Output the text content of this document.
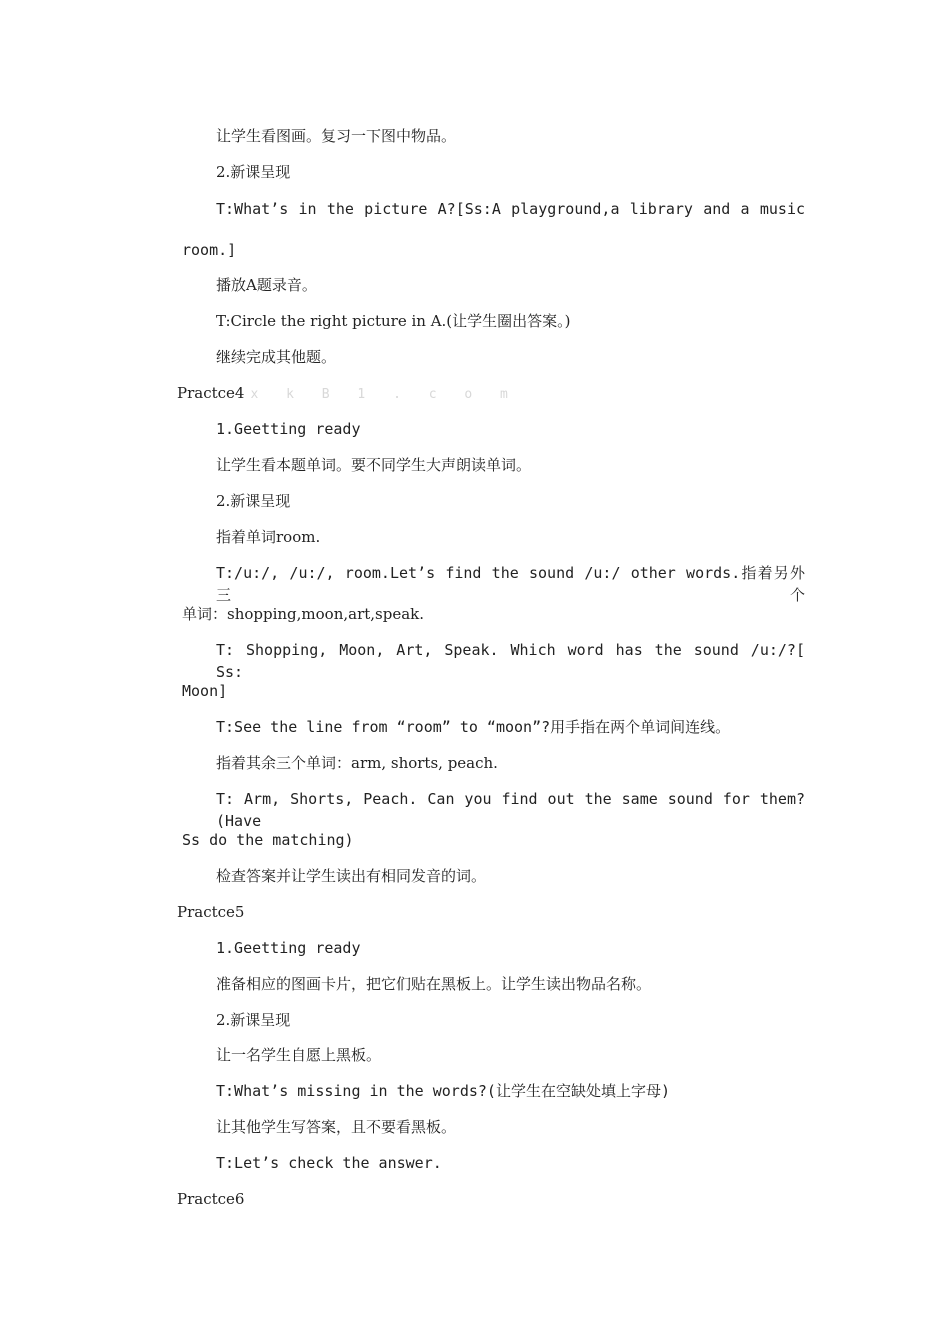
让学生看图画。复习一下图中物品。
2.新课呈现
T:What’s in the picture A?[Ss:A playground,a library and a music
room.]
播放A题录音。
T:Circle the right picture in A.(让学生圈出答案。)
继续完成其他题。
Practce4 x k B 1 . c o m
1.Geetting ready
让学生看本题单词。要不同学生大声朗读单词。
2.新课呈现
指着单词room.
T:/u:/, /u:/, room.Let’s find the sound /u:/ other words.指着另外三个
单词：shopping,moon,art,speak.
T: Shopping, Moon, Art, Speak. Which word has the sound /u:/?[ Ss:
Moon]
T:See the line from “room” to “moon”?用手指在两个单词间连线。
指着其余三个单词：arm, shorts, peach.
T: Arm, Shorts, Peach. Can you find out the same sound for them?(Have
Ss do the matching)
检查答案并让学生读出有相同发音的词。
Practce5
1.Geetting ready
准备相应的图画卡片，把它们贴在黑板上。让学生读出物品名称。
2.新课呈现
让一名学生自愿上黑板。
T:What’s missing in the words?(让学生在空缺处填上字母)
让其他学生写答案，且不要看黑板。
T:Let’s check the answer.
Practce6
